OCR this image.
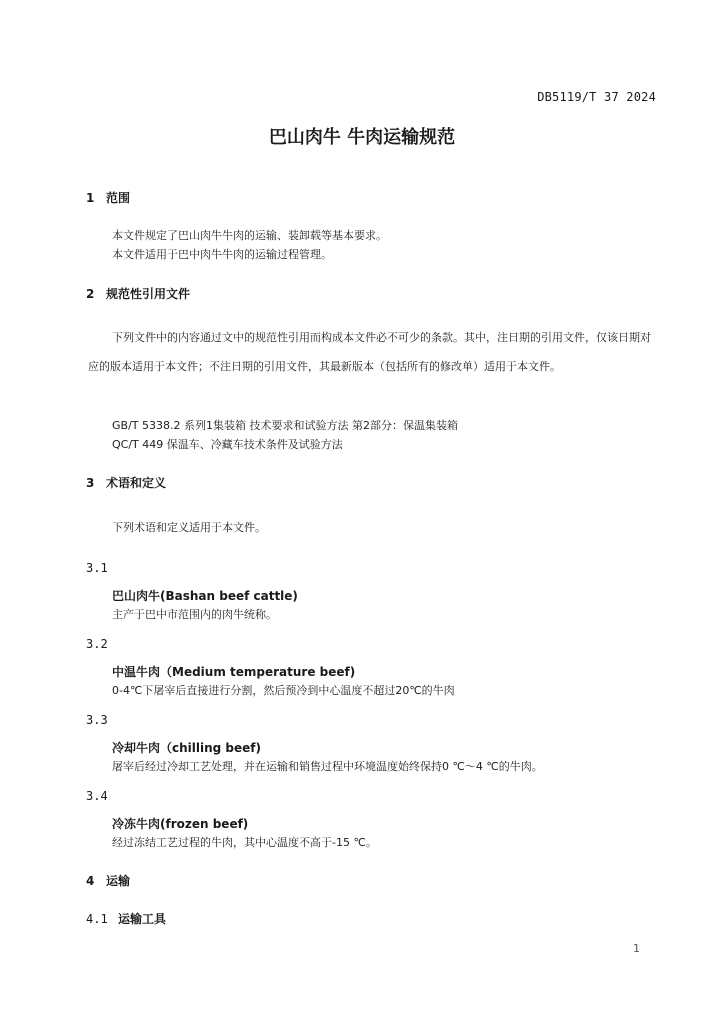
DB5119/T 37 2024
巴山肉牛 牛肉运输规范
1 范围
本文件规定了巴山肉牛牛肉的运输、装卸载等基本要求。
本文件适用于巴中肉牛牛肉的运输过程管理。
2 规范性引用文件
下列文件中的内容通过文中的规范性引用而构成本文件必不可少的条款。其中，注日期的引用文件，仅该日期对应的版本适用于本文件；不注日期的引用文件，其最新版本（包括所有的修改单）适用于本文件。
GB/T 5338.2 系列1集装箱 技术要求和试验方法 第2部分：保温集装箱
QC/T 449 保温车、冷藏车技术条件及试验方法
3 术语和定义
下列术语和定义适用于本文件。
3.1
巴山肉牛(Bashan beef cattle)
主产于巴中市范围内的肉牛统称。
3.2
中温牛肉（Medium temperature beef)
0-4℃下屠宰后直接进行分割，然后预冷到中心温度不超过20℃的牛肉
3.3
冷却牛肉（chilling beef)
屠宰后经过冷却工艺处理，并在运输和销售过程中环境温度始终保持0 ℃～4 ℃的牛肉。
3.4
冷冻牛肉(frozen beef)
经过冻结工艺过程的牛肉，其中心温度不高于-15 ℃。
4 运输
4.1 运输工具
1
